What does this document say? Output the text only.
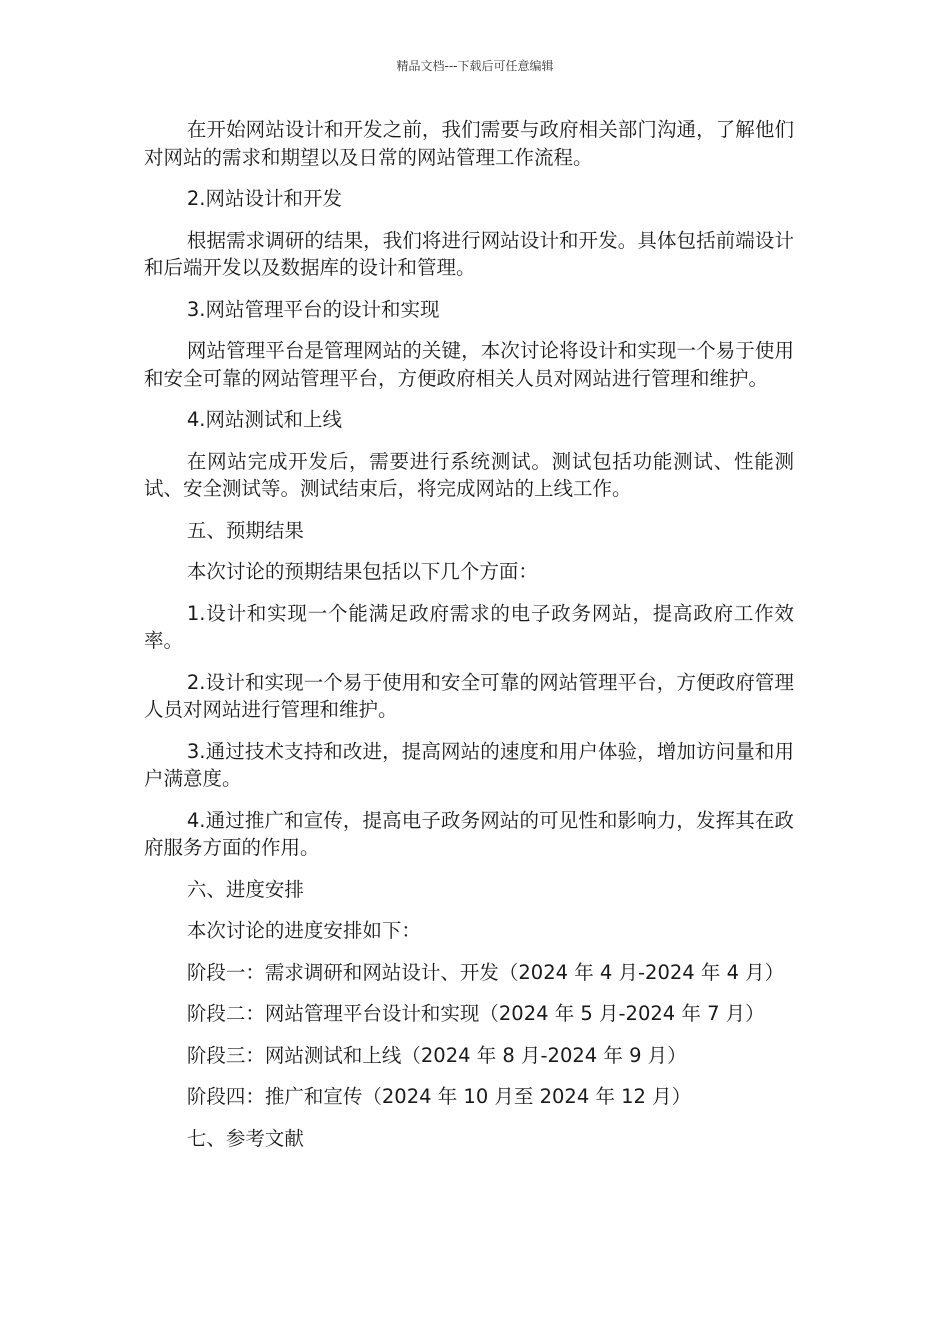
精品文档---下载后可任意编辑

在开始网站设计和开发之前，我们需要与政府相关部门沟通，了解他们对网站的需求和期望以及日常的网站管理工作流程。

2.网站设计和开发

根据需求调研的结果，我们将进行网站设计和开发。具体包括前端设计和后端开发以及数据库的设计和管理。

3.网站管理平台的设计和实现

网站管理平台是管理网站的关键，本次讨论将设计和实现一个易于使用和安全可靠的网站管理平台，方便政府相关人员对网站进行管理和维护。

4.网站测试和上线

在网站完成开发后，需要进行系统测试。测试包括功能测试、性能测试、安全测试等。测试结束后，将完成网站的上线工作。

五、预期结果

本次讨论的预期结果包括以下几个方面：

1.设计和实现一个能满足政府需求的电子政务网站，提高政府工作效率。

2.设计和实现一个易于使用和安全可靠的网站管理平台，方便政府管理人员对网站进行管理和维护。

3.通过技术支持和改进，提高网站的速度和用户体验，增加访问量和用户满意度。

4.通过推广和宣传，提高电子政务网站的可见性和影响力，发挥其在政府服务方面的作用。

六、进度安排

本次讨论的进度安排如下：

阶段一：需求调研和网站设计、开发（2024 年 4 月-2024 年 4 月）

阶段二：网站管理平台设计和实现（2024 年 5 月-2024 年 7 月）

阶段三：网站测试和上线（2024 年 8 月-2024 年 9 月）

阶段四：推广和宣传（2024 年 10 月至 2024 年 12 月）

七、参考文献
